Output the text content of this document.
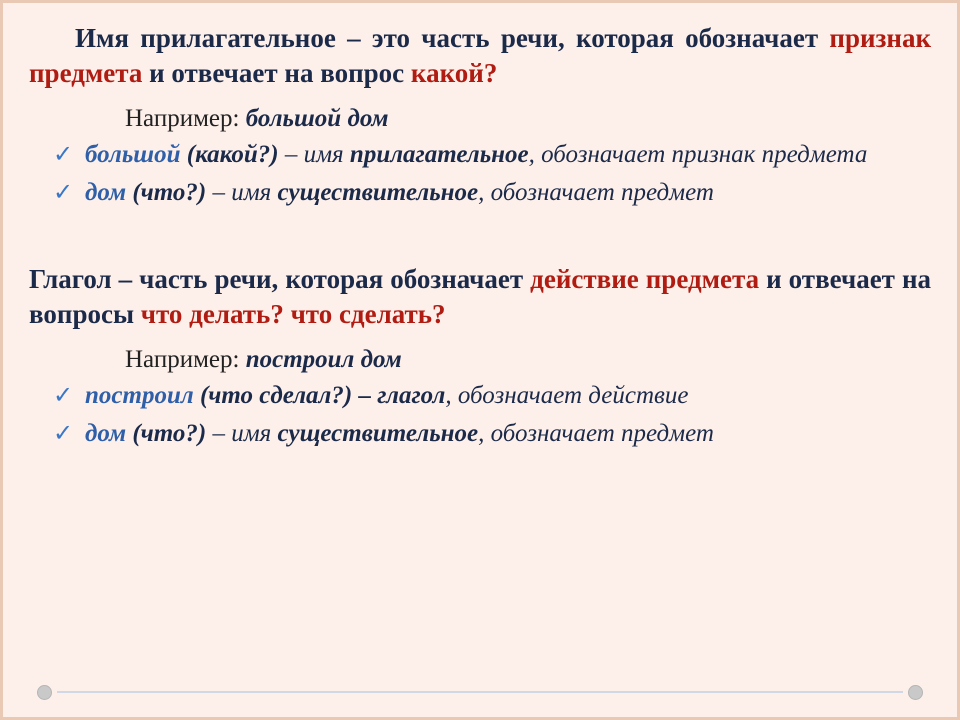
Имя прилагательное – это часть речи, которая обозначает признак предмета и отвечает на вопрос какой?

Например: большой дом

✓ большой (какой?) – имя прилагательное, обозначает признак предмета
✓ дом (что?) – имя существительное, обозначает предмет

Глагол – часть речи, которая обозначает действие предмета и отвечает на вопросы что делать? что сделать?

Например: построил дом

✓ построил (что сделал?) – глагол, обозначает действие
✓ дом (что?) – имя существительное, обозначает предмет
